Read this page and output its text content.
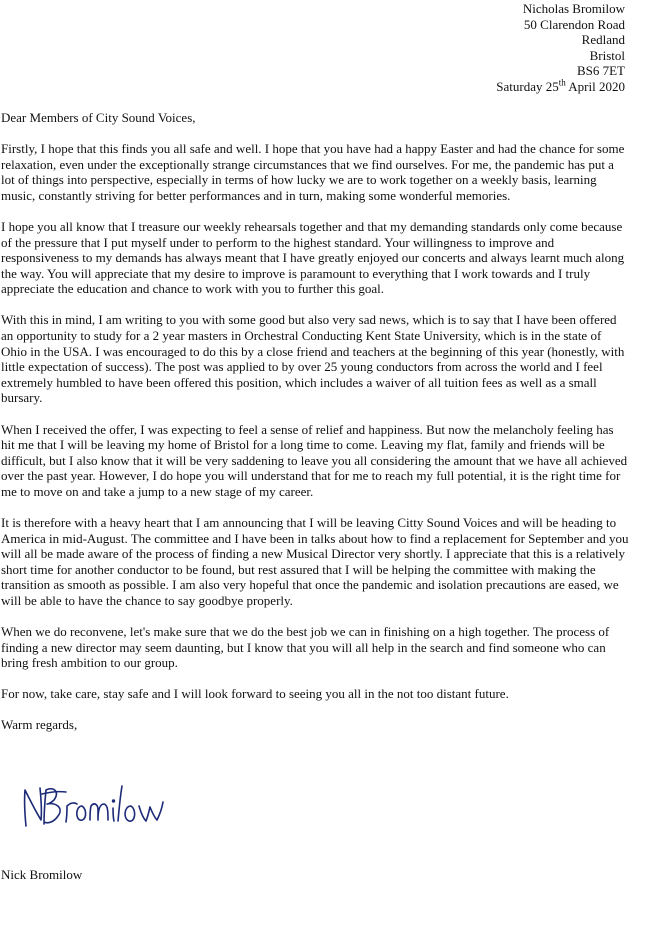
Nicholas Bromilow
50 Clarendon Road
Redland
Bristol
BS6 7ET
Saturday 25th April 2020

Dear Members of City Sound Voices,

Firstly, I hope that this finds you all safe and well. I hope that you have had a happy Easter and had the chance for some relaxation, even under the exceptionally strange circumstances that we find ourselves. For me, the pandemic has put a lot of things into perspective, especially in terms of how lucky we are to work together on a weekly basis, learning music, constantly striving for better performances and in turn, making some wonderful memories.

I hope you all know that I treasure our weekly rehearsals together and that my demanding standards only come because of the pressure that I put myself under to perform to the highest standard. Your willingness to improve and responsiveness to my demands has always meant that I have greatly enjoyed our concerts and always learnt much along the way. You will appreciate that my desire to improve is paramount to everything that I work towards and I truly appreciate the education and chance to work with you to further this goal.

With this in mind, I am writing to you with some good but also very sad news, which is to say that I have been offered an opportunity to study for a 2 year masters in Orchestral Conducting Kent State University, which is in the state of Ohio in the USA. I was encouraged to do this by a close friend and teachers at the beginning of this year (honestly, with little expectation of success). The post was applied to by over 25 young conductors from across the world and I feel extremely humbled to have been offered this position, which includes a waiver of all tuition fees as well as a small bursary.

When I received the offer, I was expecting to feel a sense of relief and happiness. But now the melancholy feeling has hit me that I will be leaving my home of Bristol for a long time to come. Leaving my flat, family and friends will be difficult, but I also know that it will be very saddening to leave you all considering the amount that we have all achieved over the past year. However, I do hope you will understand that for me to reach my full potential, it is the right time for me to move on and take a jump to a new stage of my career.

It is therefore with a heavy heart that I am announcing that I will be leaving Citty Sound Voices and will be heading to America in mid-August. The committee and I have been in talks about how to find a replacement for September and you will all be made aware of the process of finding a new Musical Director very shortly. I appreciate that this is a relatively short time for another conductor to be found, but rest assured that I will be helping the committee with making the transition as smooth as possible. I am also very hopeful that once the pandemic and isolation precautions are eased, we will be able to have the chance to say goodbye properly.

When we do reconvene, let's make sure that we do the best job we can in finishing on a high together. The process of finding a new director may seem daunting, but I know that you will all help in the search and find someone who can bring fresh ambition to our group.

For now, take care, stay safe and I will look forward to seeing you all in the not too distant future.

Warm regards,

Nick Bromilow
